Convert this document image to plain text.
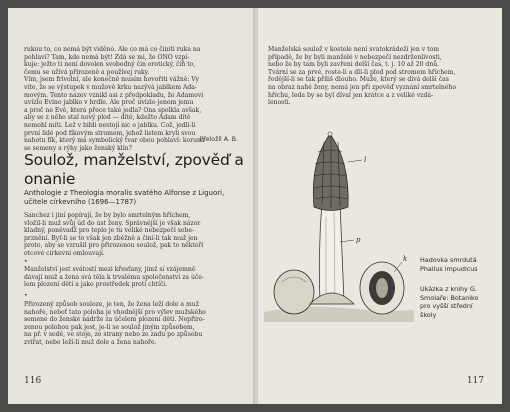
rukou to, co nemá být viděno. Ale co má co činiti ruka na

pohlaví? Tam, kde nemá být! Zdá se mi, že ONO vzpí-

kuje: ježto ti není dovolen svobodný čin erotický, čiň to,

čemu se užívá přirozeně a používej ruky.

Vím, jsem frivolní, ale konečně musím hovořiti vážně: Vy

víte, že se výstupek v mužově krku nazývá jablkem Ada-

movým. Tento název vznikl asi z předpokladu, že Adamovi

uvízlo Evino jablko v hrdle. Ale proč uvízlo jenom jemu

a proč ne Evě, která přece také jedla? Ona spolkla avšak,

aby se z něho stal nový plod — dítě, kdežto Adam dítě

nemohl míti. Lež v bibli nestojí nic o jablku. Což, jedli-li

první lidé pod fíkovým stromem, jehož listem kryli svou

nahotu fík, který má symbolický tvar obou pohlaví: koruna

se semeny a rýhy jako ženský klín?

Přeložil A. B.
Soulož, manželství, zpověď a onanie

Anthologie z Theologia moralis svatého Alfonse z Liguori, učitele církevního (1696—1787)

Sanchez i jiní popírají, že by bylo smrtelným hříchem,

vložil-li muž svůj úd do úst ženy. Správnější je však názor

kladný, poněvadž pro teplo je tu veliké nebezpečí sebe-

prznění. Byť-li se to však jen zběžně a činí-li tak muž jen

proto, aby se vzrušil pro přirozenou soulož, pak to někteří

otcové církevní omlouvají.

•

Manželství jest svátostí mezi křesťany, jímž si vzájemně

dávají muž a žena svá těla k trvalému společenství za úče-

lem plození dětí a jako prostředek proti chtíči.

•

Přirozený způsob souloze, je ten, že žena leží dole a muž

nahoře, neboť tato poloha je vhodnější pro výlev mužského

semene do ženské nádrže za účelem plození dětí. Nepřiro-

zenou polohou pak jest, je-li se soulož jiným způsobem,

na př. v sedě, ve stoje, ze strany nebo ze zadu po způsobu

zvířat, nebo leží-li muž dole a žena nahoře.

116

Manželská soulož v kostele není svatokrádeží jen v tom

případě, že by byli manželé v nebezpečí nezdrženlivosti,

nebo že by tam byli zavřeni delší čas, t. j. 10 až 20 dnů.

Tvární se za prvé, roste-li a dlí-li plod pod stromem hříchem,

ředější-li se tak příliš dlouho. Muže, který se dívá delší čas

na obraz nahé ženy, nemá jen při zpověď vyznání smrtelného

hříchu, leda by se byl díval jen krátce a z veliké vzdá-

lenosti.

l
p
k Hadovka smrdutá
Phallus impudicus
Ukázka z knihy G.
Smolaře: Botaniko
pro vyšší střední
školy
117
